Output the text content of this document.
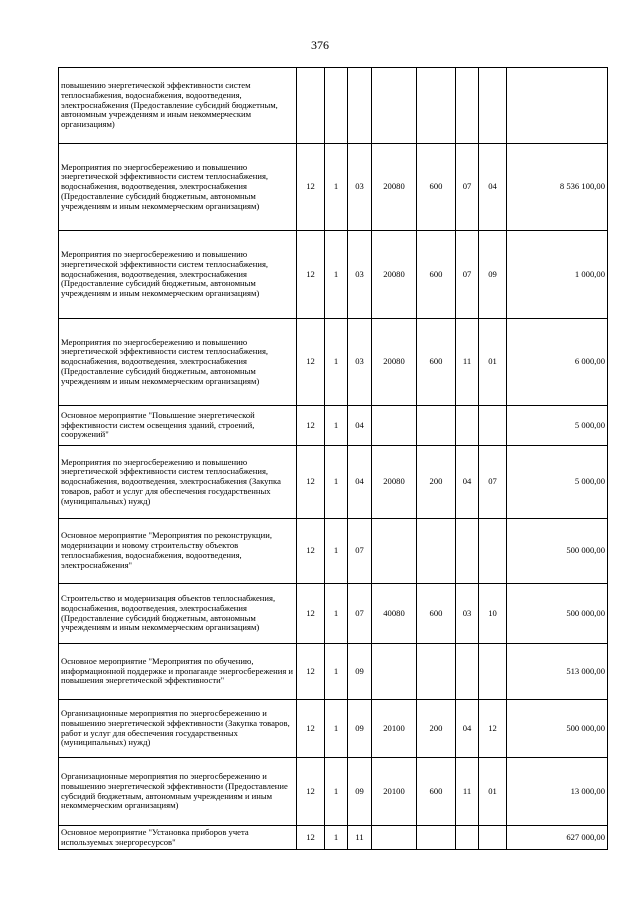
376
повышению энергетической эффективности систем теплоснабжения, водоснабжения, водоотведения, электроснабжения (Предоставление субсидий бюджетным, автономным учреждениям и иным некоммерческим организациям)								
Мероприятия по энергосбережению и повышению энергетической эффективности систем теплоснабжения, водоснабжения, водоотведения, электроснабжения (Предоставление субсидий бюджетным, автономным учреждениям и иным некоммерческим организациям)	12	1	03	20080	600	07	04	8 536 100,00
Мероприятия по энергосбережению и повышению энергетической эффективности систем теплоснабжения, водоснабжения, водоотведения, электроснабжения (Предоставление субсидий бюджетным, автономным учреждениям и иным некоммерческим организациям)	12	1	03	20080	600	07	09	1 000,00
Мероприятия по энергосбережению и повышению энергетической эффективности систем теплоснабжения, водоснабжения, водоотведения, электроснабжения (Предоставление субсидий бюджетным, автономным учреждениям и иным некоммерческим организациям)	12	1	03	20080	600	11	01	6 000,00
Основное мероприятие "Повышение энергетической эффективности систем освещения зданий, строений, сооружений"	12	1	04					5 000,00
Мероприятия по энергосбережению и повышению энергетической эффективности систем теплоснабжения, водоснабжения, водоотведения, электроснабжения (Закупка товаров, работ и услуг для обеспечения государственных (муниципальных) нужд)	12	1	04	20080	200	04	07	5 000,00
Основное мероприятие "Мероприятия по реконструкции, модернизации и новому строительству объектов теплоснабжения, водоснабжения, водоотведения, электроснабжения"	12	1	07					500 000,00
Строительство и модернизация объектов теплоснабжения, водоснабжения, водоотведения, электроснабжения (Предоставление субсидий бюджетным, автономным учреждениям и иным некоммерческим организациям)	12	1	07	40080	600	03	10	500 000,00
Основное мероприятие "Мероприятия по обучению, информационной поддержке и пропаганде энергосбережения и повышения энергетической эффективности"	12	1	09					513 000,00
Организационные мероприятия по энергосбережению и повышению энергетической эффективности (Закупка товаров, работ и услуг для обеспечения государственных (муниципальных) нужд)	12	1	09	20100	200	04	12	500 000,00
Организационные мероприятия по энергосбережению и повышению энергетической эффективности (Предоставление субсидий бюджетным, автономным учреждениям и иным некоммерческим организациям)	12	1	09	20100	600	11	01	13 000,00
Основное мероприятие "Установка приборов учета используемых энергоресурсов"	12	1	11					627 000,00
